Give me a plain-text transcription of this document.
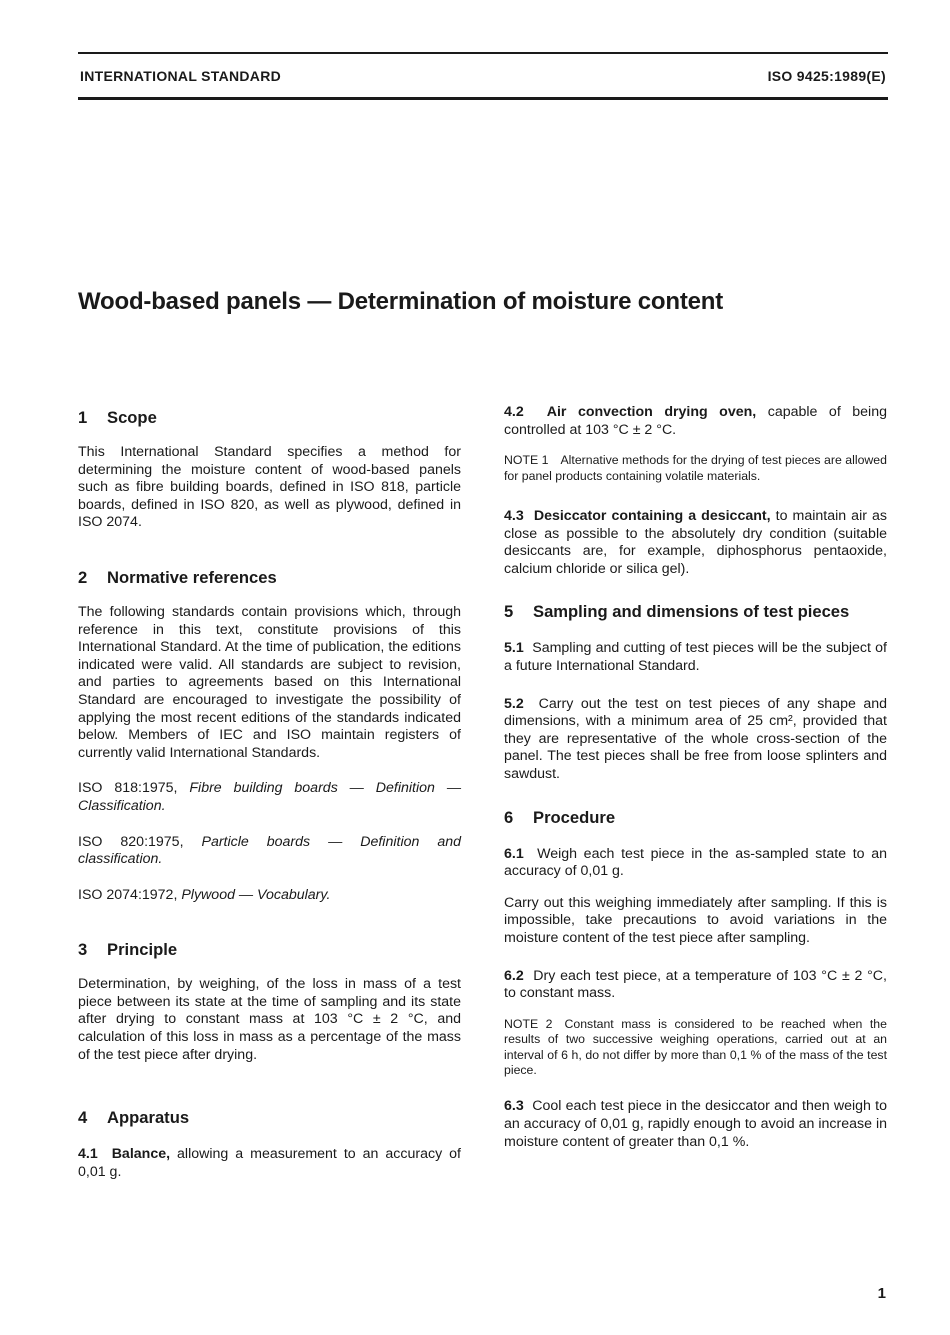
INTERNATIONAL STANDARD	ISO 9425:1989(E)
Wood-based panels — Determination of moisture content
1 Scope

This International Standard specifies a method for determining the moisture content of wood-based panels such as fibre building boards, defined in ISO 818, particle boards, defined in ISO 820, as well as plywood, defined in ISO 2074.

2 Normative references

The following standards contain provisions which, through reference in this text, constitute provisions of this International Standard. At the time of publication, the editions indicated were valid. All standards are subject to revision, and parties to agreements based on this International Standard are encouraged to investigate the possibility of applying the most recent editions of the standards indicated below. Members of IEC and ISO maintain registers of currently valid International Standards.

ISO 818:1975, Fibre building boards — Definition — Classification.

ISO 820:1975, Particle boards — Definition and classification.

ISO 2074:1972, Plywood — Vocabulary.

3 Principle

Determination, by weighing, of the loss in mass of a test piece between its state at the time of sampling and its state after drying to constant mass at 103 °C ± 2 °C, and calculation of this loss in mass as a percentage of the mass of the test piece after drying.

4 Apparatus

4.1 Balance, allowing a measurement to an accuracy of 0,01 g.

4.2 Air convection drying oven, capable of being controlled at 103 °C ± 2 °C.

NOTE 1 Alternative methods for the drying of test pieces are allowed for panel products containing volatile materials.

4.3 Desiccator containing a desiccant, to maintain air as close as possible to the absolutely dry condition (suitable desiccants are, for example, diphosphorus pentaoxide, calcium chloride or silica gel).

5 Sampling and dimensions of test pieces

5.1 Sampling and cutting of test pieces will be the subject of a future International Standard.

5.2 Carry out the test on test pieces of any shape and dimensions, with a minimum area of 25 cm², provided that they are representative of the whole cross-section of the panel. The test pieces shall be free from loose splinters and sawdust.

6 Procedure

6.1 Weigh each test piece in the as-sampled state to an accuracy of 0,01 g.

Carry out this weighing immediately after sampling. If this is impossible, take precautions to avoid variations in the moisture content of the test piece after sampling.

6.2 Dry each test piece, at a temperature of 103 °C ± 2 °C, to constant mass.

NOTE 2 Constant mass is considered to be reached when the results of two successive weighing operations, carried out at an interval of 6 h, do not differ by more than 0,1 % of the mass of the test piece.

6.3 Cool each test piece in the desiccator and then weigh to an accuracy of 0,01 g, rapidly enough to avoid an increase in moisture content of greater than 0,1 %.

1
